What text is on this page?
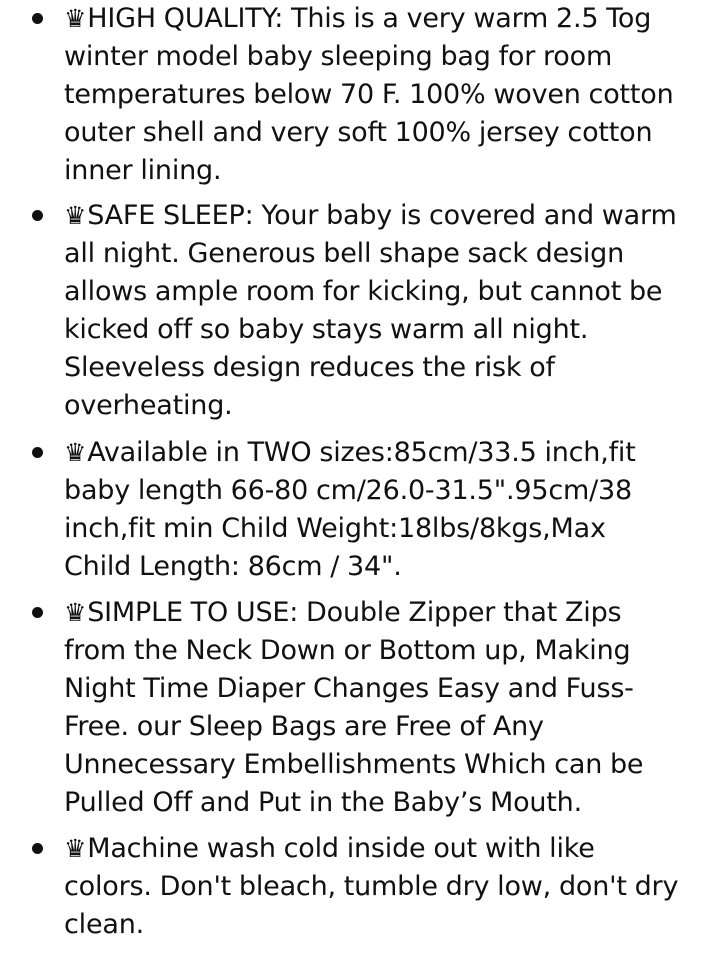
♛HIGH QUALITY: This is a very warm 2.5 Tog
winter model baby sleeping bag for room
temperatures below 70 F. 100% woven cotton
outer shell and very soft 100% jersey cotton
inner lining.
♛SAFE SLEEP: Your baby is covered and warm
all night. Generous bell shape sack design
allows ample room for kicking, but cannot be
kicked off so baby stays warm all night.
Sleeveless design reduces the risk of
overheating.
♛Available in TWO sizes:85cm/33.5 inch,fit
baby length 66-80 cm/26.0-31.5".95cm/38
inch,fit min Child Weight:18lbs/8kgs,Max
Child Length: 86cm / 34".
♛SIMPLE TO USE: Double Zipper that Zips
from the Neck Down or Bottom up, Making
Night Time Diaper Changes Easy and Fuss-
Free. our Sleep Bags are Free of Any
Unnecessary Embellishments Which can be
Pulled Off and Put in the Baby’s Mouth.
♛Machine wash cold inside out with like
colors. Don't bleach, tumble dry low, don't dry
clean.
